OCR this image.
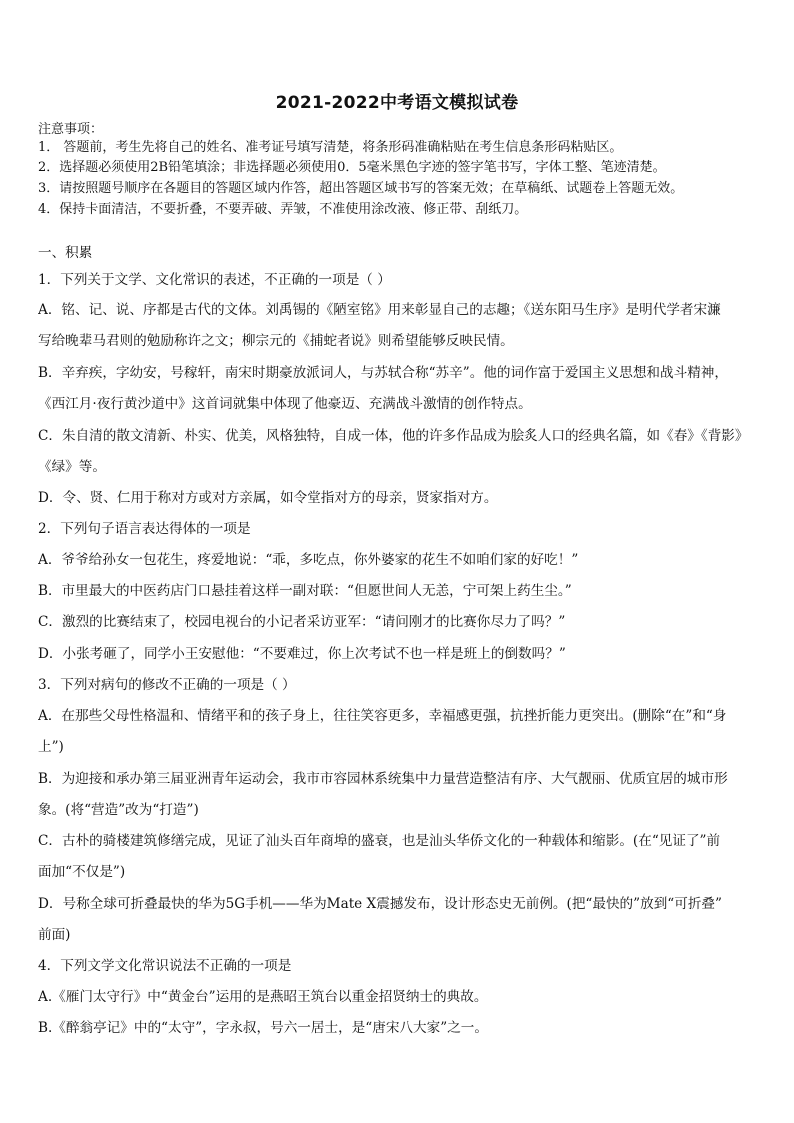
2021-2022中考语文模拟试卷
注意事项：
1． 答题前，考生先将自己的姓名、准考证号填写清楚，将条形码准确粘贴在考生信息条形码粘贴区。
2．选择题必须使用2B铅笔填涂；非选择题必须使用0．5毫米黑色字迹的签字笔书写，字体工整、笔迹清楚。
3．请按照题号顺序在各题目的答题区域内作答，超出答题区域书写的答案无效；在草稿纸、试题卷上答题无效。
4．保持卡面清洁，不要折叠，不要弄破、弄皱，不准使用涂改液、修正带、刮纸刀。
一、积累
1．下列关于文学、文化常识的表述，不正确的一项是（ ）
A．铭、记、说、序都是古代的文体。刘禹锡的《陋室铭》用来彰显自己的志趣；《送东阳马生序》是明代学者宋濂
写给晚辈马君则的勉励称许之文；柳宗元的《捕蛇者说》则希望能够反映民情。
B．辛弃疾，字幼安，号稼轩，南宋时期豪放派词人，与苏轼合称“苏辛”。他的词作富于爱国主义思想和战斗精神，
《西江月·夜行黄沙道中》这首词就集中体现了他豪迈、充满战斗激情的创作特点。
C．朱自清的散文清新、朴实、优美，风格独特，自成一体，他的许多作品成为脍炙人口的经典名篇，如《春》《背影》
《绿》等。
D．令、贤、仁用于称对方或对方亲属，如令堂指对方的母亲，贤家指对方。
2．下列句子语言表达得体的一项是
A．爷爷给孙女一包花生，疼爱地说：“乖，多吃点，你外婆家的花生不如咱们家的好吃！”
B．市里最大的中医药店门口悬挂着这样一副对联：“但愿世间人无恙，宁可架上药生尘。”
C．激烈的比赛结束了，校园电视台的小记者采访亚军：“请问刚才的比赛你尽力了吗？”
D．小张考砸了，同学小王安慰他：“不要难过，你上次考试不也一样是班上的倒数吗？”
3．下列对病句的修改不正确的一项是（ ）
A．在那些父母性格温和、情绪平和的孩子身上，往往笑容更多，幸福感更强，抗挫折能力更突出。(删除“在”和“身
上”)
B．为迎接和承办第三届亚洲青年运动会，我市市容园林系统集中力量营造整洁有序、大气靓丽、优质宜居的城市形
象。(将“营造”改为“打造”)
C．古朴的骑楼建筑修缮完成，见证了汕头百年商埠的盛衰，也是汕头华侨文化的一种载体和缩影。(在“见证了”前
面加“不仅是”)
D．号称全球可折叠最快的华为5G手机——华为Mate X震撼发布，设计形态史无前例。(把“最快的”放到“可折叠”
前面)
4．下列文学文化常识说法不正确的一项是
A.《雁门太守行》中“黄金台”运用的是燕昭王筑台以重金招贤纳士的典故。
B.《醉翁亭记》中的“太守”，字永叔，号六一居士，是“唐宋八大家”之一。
